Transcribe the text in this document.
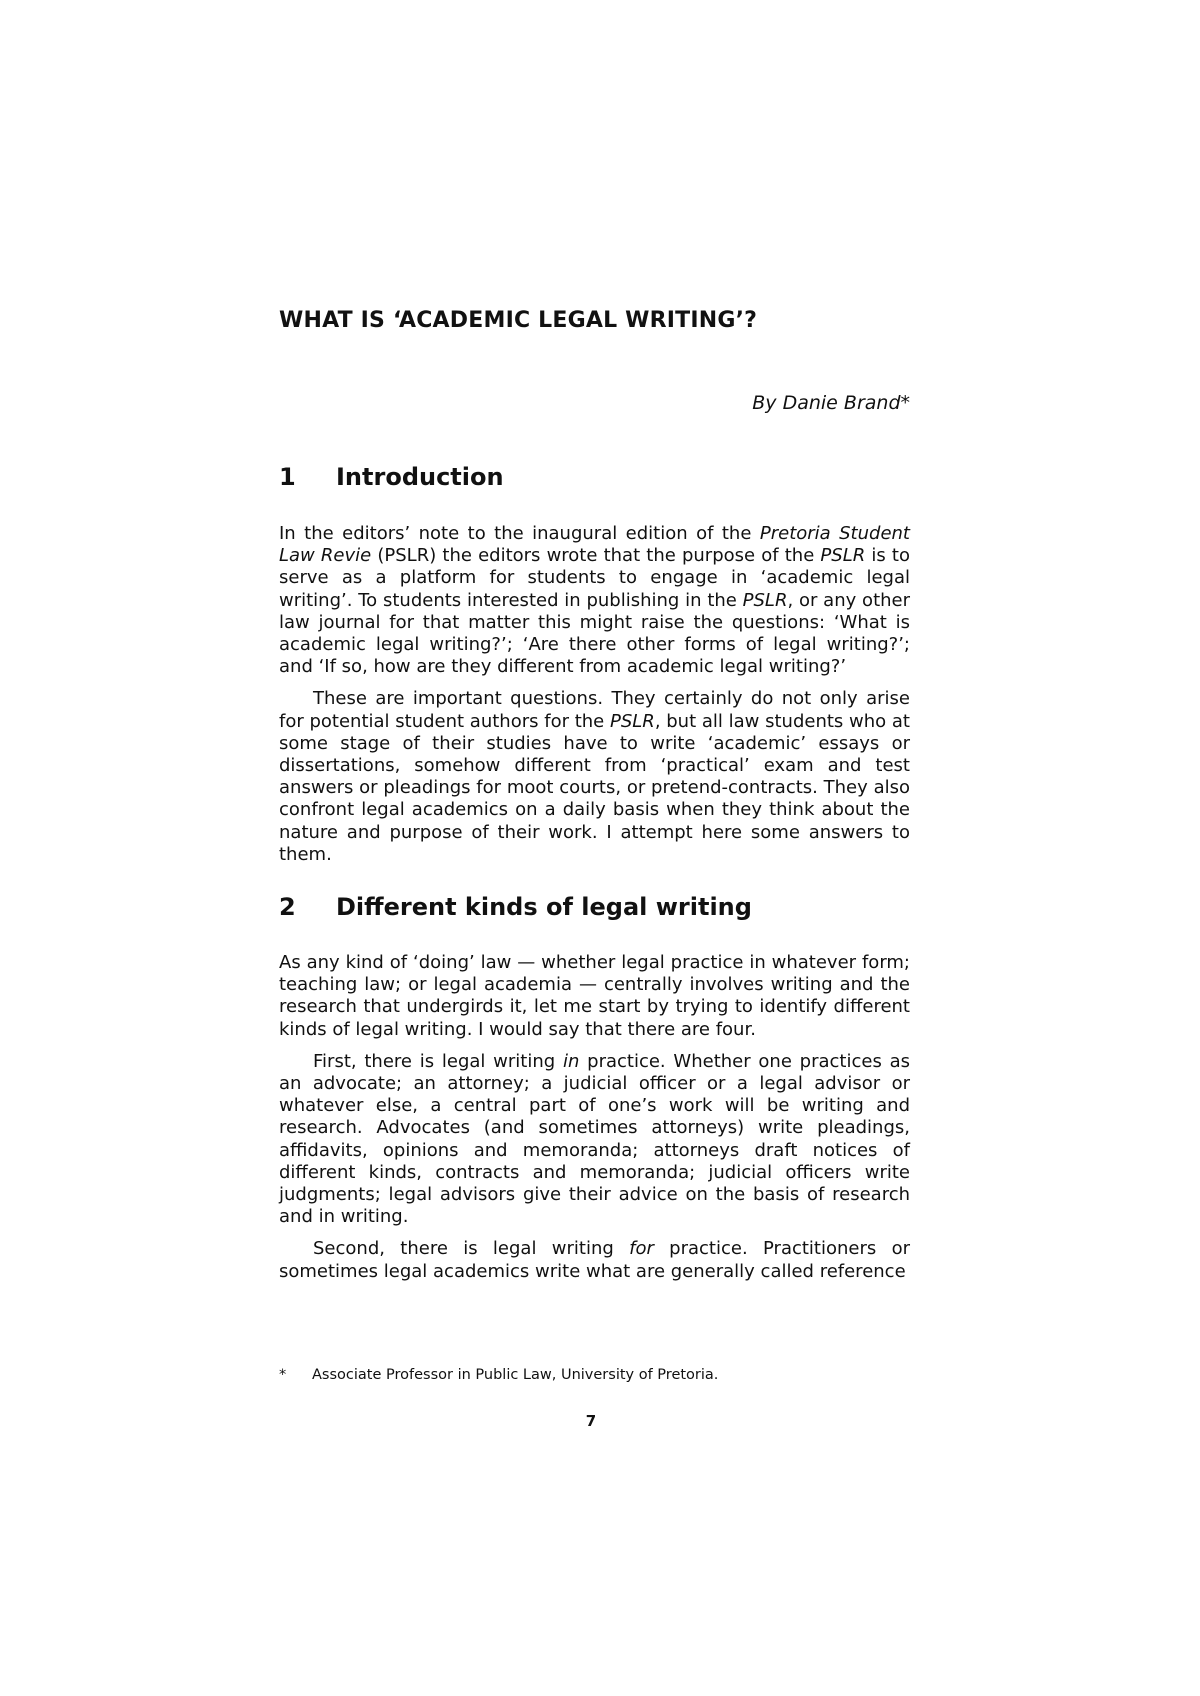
WHAT IS ‘ACADEMIC LEGAL WRITING’?
By Danie Brand*
1 Introduction

In the editors’ note to the inaugural edition of the Pretoria Student Law Revie (PSLR) the editors wrote that the purpose of the PSLR is to serve as a platform for students to engage in ‘academic legal writing’. To students interested in publishing in the PSLR, or any other law journal for that matter this might raise the questions: ‘What is academic legal writing?’; ‘Are there other forms of legal writing?’; and ‘If so, how are they different from academic legal writing?’

These are important questions. They certainly do not only arise for potential student authors for the PSLR, but all law students who at some stage of their studies have to write ‘academic’ essays or dissertations, somehow different from ‘practical’ exam and test answers or pleadings for moot courts, or pretend-contracts. They also confront legal academics on a daily basis when they think about the nature and purpose of their work. I attempt here some answers to them.

2 Different kinds of legal writing

As any kind of ‘doing’ law — whether legal practice in whatever form; teaching law; or legal academia — centrally involves writing and the research that undergirds it, let me start by trying to identify different kinds of legal writing. I would say that there are four.

First, there is legal writing in practice. Whether one practices as an advocate; an attorney; a judicial officer or a legal advisor or whatever else, a central part of one’s work will be writing and research. Advocates (and sometimes attorneys) write pleadings, affidavits, opinions and memoranda; attorneys draft notices of different kinds, contracts and memoranda; judicial officers write judgments; legal advisors give their advice on the basis of research and in writing.

Second, there is legal writing for practice. Practitioners or sometimes legal academics write what are generally called reference

* Associate Professor in Public Law, University of Pretoria.
7
